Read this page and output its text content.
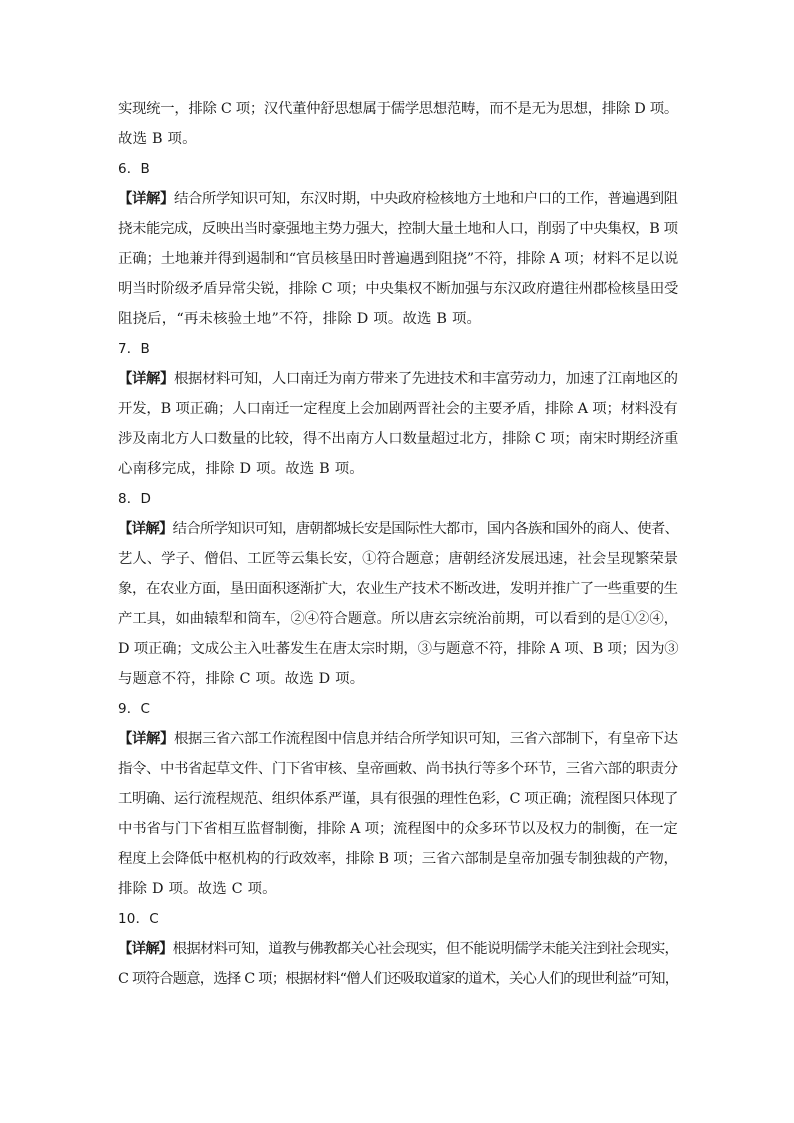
实现统一，排除 C 项；汉代董仲舒思想属于儒学思想范畴，而不是无为思想，排除 D 项。
故选 B 项。
6．B
【详解】结合所学知识可知，东汉时期，中央政府检核地方土地和户口的工作，普遍遇到阻
挠未能完成，反映出当时豪强地主势力强大，控制大量土地和人口，削弱了中央集权，B 项
正确；土地兼并得到遏制和“官员核垦田时普遍遇到阻挠”不符，排除 A 项；材料不足以说
明当时阶级矛盾异常尖锐，排除 C 项；中央集权不断加强与东汉政府遣往州郡检核垦田受
阻挠后，“再未核验土地”不符，排除 D 项。故选 B 项。
7．B
【详解】根据材料可知，人口南迁为南方带来了先进技术和丰富劳动力，加速了江南地区的
开发，B 项正确；人口南迁一定程度上会加剧两晋社会的主要矛盾，排除 A 项；材料没有
涉及南北方人口数量的比较，得不出南方人口数量超过北方，排除 C 项；南宋时期经济重
心南移完成，排除 D 项。故选 B 项。
8．D
【详解】结合所学知识可知，唐朝都城长安是国际性大都市，国内各族和国外的商人、使者、
艺人、学子、僧侣、工匠等云集长安，①符合题意；唐朝经济发展迅速，社会呈现繁荣景
象，在农业方面，垦田面积逐渐扩大，农业生产技术不断改进，发明并推广了一些重要的生
产工具，如曲辕犁和筒车，②④符合题意。所以唐玄宗统治前期，可以看到的是①②④，
D 项正确；文成公主入吐蕃发生在唐太宗时期，③与题意不符，排除 A 项、B 项；因为③
与题意不符，排除 C 项。故选 D 项。
9．C
【详解】根据三省六部工作流程图中信息并结合所学知识可知，三省六部制下，有皇帝下达
指令、中书省起草文件、门下省审核、皇帝画敕、尚书执行等多个环节，三省六部的职责分
工明确、运行流程规范、组织体系严谨，具有很强的理性色彩，C 项正确；流程图只体现了
中书省与门下省相互监督制衡，排除 A 项；流程图中的众多环节以及权力的制衡，在一定
程度上会降低中枢机构的行政效率，排除 B 项；三省六部制是皇帝加强专制独裁的产物，
排除 D 项。故选 C 项。
10．C
【详解】根据材料可知，道教与佛教都关心社会现实，但不能说明儒学未能关注到社会现实，
C 项符合题意，选择 C 项；根据材料“僧人们还吸取道家的道术，关心人们的现世利益”可知，
